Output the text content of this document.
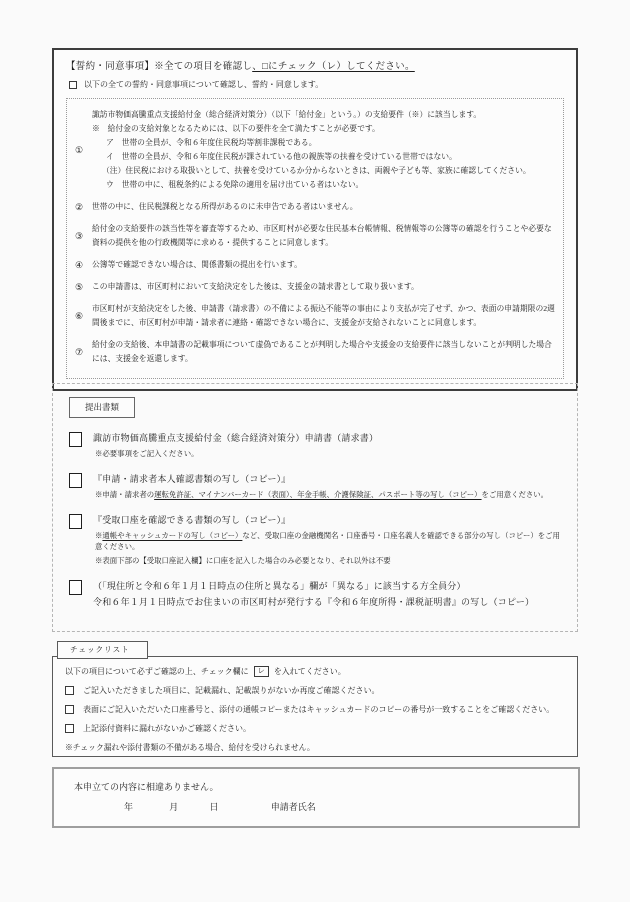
【誓約・同意事項】※全ての項目を確認し、□にチェック（レ）してください。
以下の全ての誓約・同意事項について確認し、誓約・同意します。
①
諏訪市物価高騰重点支援給付金（総合経済対策分）（以下「給付金」という。）の支給要件（※）に該当します。
※　給付金の支給対象となるためには、以下の要件を全て満たすことが必要です。
ア　世帯の全員が、令和６年度住民税均等割非課税である。
イ　世帯の全員が、令和６年度住民税が課されている他の親族等の扶養を受けている世帯ではない。
（注）住民税における取扱いとして、扶養を受けているか分からないときは、両親や子ども等、家族に確認してください。
ウ　世帯の中に、租税条約による免除の適用を届け出ている者はいない。
②	世帯の中に、住民税課税となる所得があるのに未申告である者はいません。
③
給付金の支給要件の該当性等を審査等するため、市区町村が必要な住民基本台帳情報、税情報等の公簿等の確認を行うことや必要な資料の提供を他の行政機関等に求める・提供することに同意します。
④	公簿等で確認できない場合は、関係書類の提出を行います。
⑤	この申請書は、市区町村において支給決定をした後は、支援金の請求書として取り扱います。
⑥
市区町村が支給決定をした後、申請書（請求書）の不備による振込不能等の事由により支払が完了せず、かつ、表面の申請期限の2週間後までに、市区町村が申請・請求者に連絡・確認できない場合に、支援金が支給されないことに同意します。
⑦
給付金の支給後、本申請書の記載事項について虚偽であることが判明した場合や支援金の支給要件に該当しないことが判明した場合には、支援金を返還します。
提出書類
諏訪市物価高騰重点支援給付金（総合経済対策分）申請書（請求書）
※必要事項をご記入ください。
『申請・請求者本人確認書類の写し（コピー）』
※申請・請求者の運転免許証、マイナンバーカード（表面）、年金手帳、介護保険証、パスポート等の写し（コピー）をご用意ください。
『受取口座を確認できる書類の写し（コピー）』
※通帳やキャッシュカードの写し（コピー）など、受取口座の金融機関名・口座番号・口座名義人を確認できる部分の写し（コピー）をご用意ください。
※表面下部の【受取口座記入欄】に口座を記入した場合のみ必要となり、それ以外は不要
（「現住所と令和６年１月１日時点の住所と異なる」欄が「異なる」に該当する方全員分）
令和６年１月１日時点でお住まいの市区町村が発行する『令和６年度所得・課税証明書』の写し（コピー）
チェックリスト
以下の項目について必ずご確認の上、チェック欄に	レ	を入れてください。
ご記入いただきました項目に、記載漏れ、記載誤りがないか再度ご確認ください。
表面にご記入いただいた口座番号と、添付の通帳コピーまたはキャッシュカードのコピーの番号が一致することをご確認ください。
上記添付資料に漏れがないかご確認ください。
※チェック漏れや添付書類の不備がある場合、給付を受けられません。
本申立ての内容に相違ありません。
年	月	日	申請者氏名
